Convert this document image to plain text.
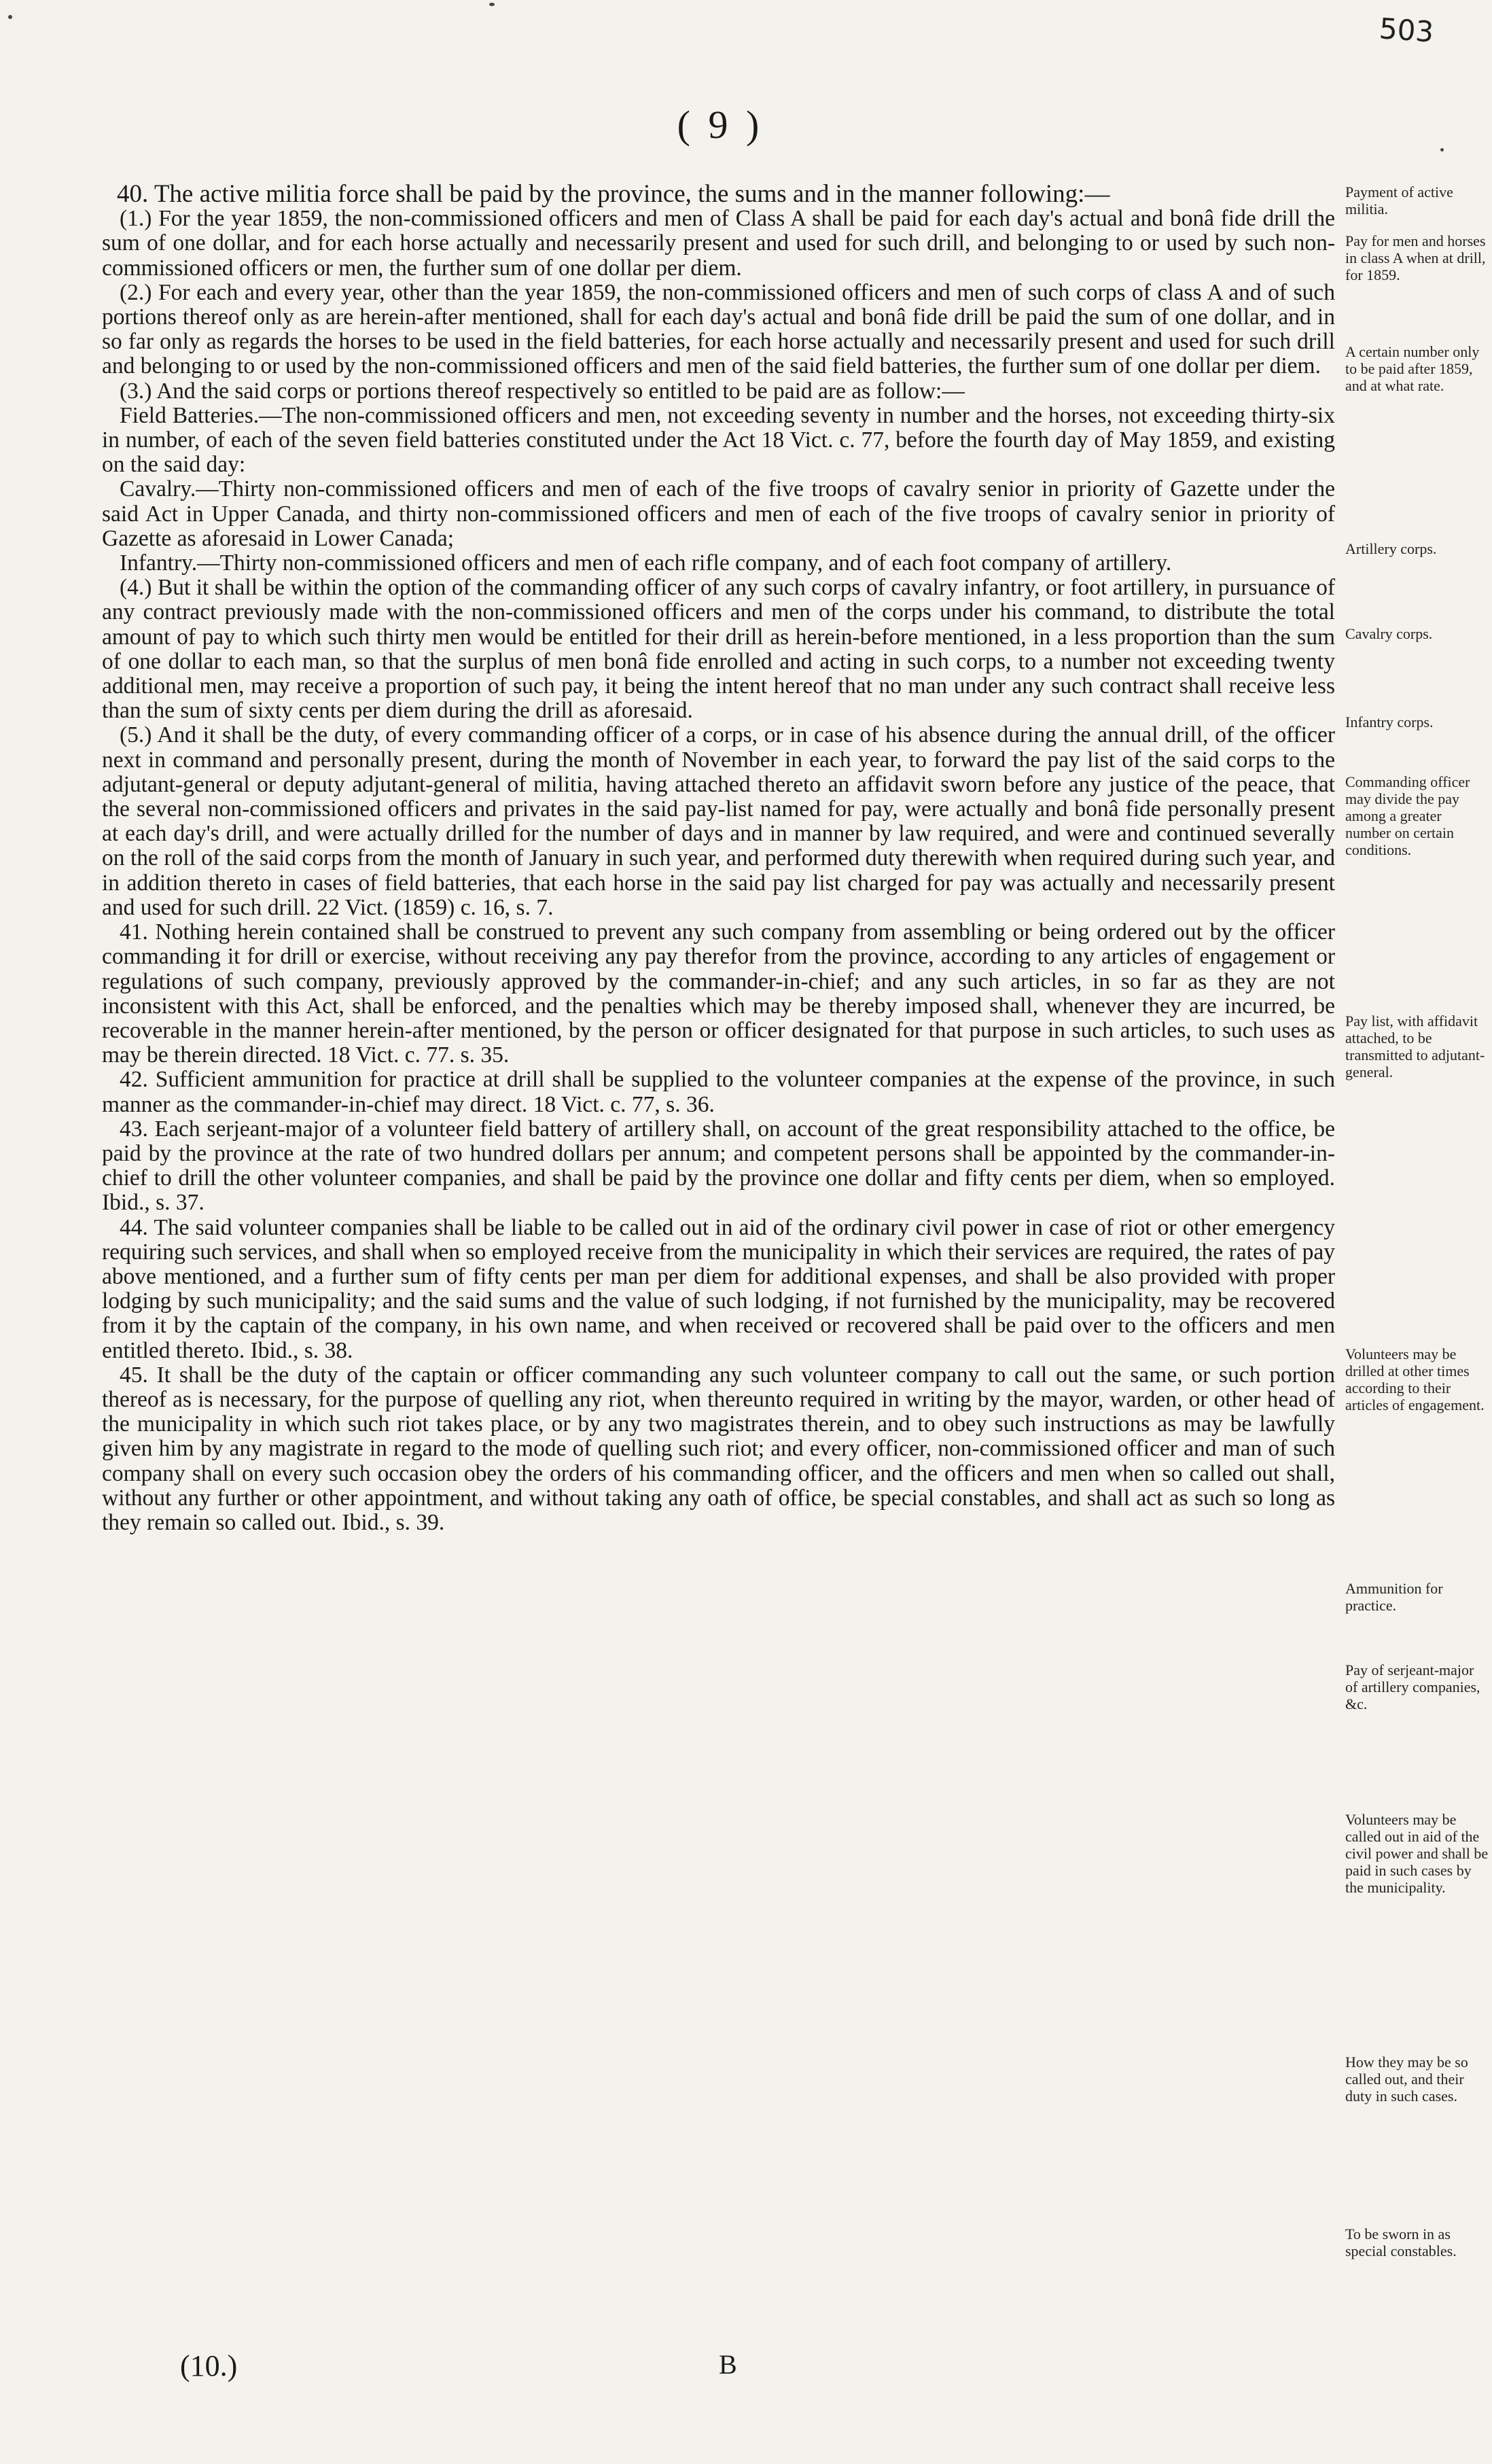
503
( 9 )

40. The active militia force shall be paid by the province, the sums and in the manner following:—

(1.) For the year 1859, the non-commissioned officers and men of Class A shall be paid for each day's actual and bonâ fide drill the sum of one dollar, and for each horse actually and necessarily present and used for such drill, and belonging to or used by such non-commissioned officers or men, the further sum of one dollar per diem.

(2.) For each and every year, other than the year 1859, the non-commissioned officers and men of such corps of class A and of such portions thereof only as are herein-after mentioned, shall for each day's actual and bonâ fide drill be paid the sum of one dollar, and in so far only as regards the horses to be used in the field batteries, for each horse actually and necessarily present and used for such drill and belonging to or used by the non-commissioned officers and men of the said field batteries, the further sum of one dollar per diem.

(3.) And the said corps or portions thereof respectively so entitled to be paid are as follow:—

Field Batteries.—The non-commissioned officers and men, not exceeding seventy in number and the horses, not exceeding thirty-six in number, of each of the seven field batteries constituted under the Act 18 Vict. c. 77, before the fourth day of May 1859, and existing on the said day:

Cavalry.—Thirty non-commissioned officers and men of each of the five troops of cavalry senior in priority of Gazette under the said Act in Upper Canada, and thirty non-commissioned officers and men of each of the five troops of cavalry senior in priority of Gazette as aforesaid in Lower Canada;

Infantry.—Thirty non-commissioned officers and men of each rifle company, and of each foot company of artillery.

(4.) But it shall be within the option of the commanding officer of any such corps of cavalry infantry, or foot artillery, in pursuance of any contract previously made with the non-commissioned officers and men of the corps under his command, to distribute the total amount of pay to which such thirty men would be entitled for their drill as herein-before mentioned, in a less proportion than the sum of one dollar to each man, so that the surplus of men bonâ fide enrolled and acting in such corps, to a number not exceeding twenty additional men, may receive a proportion of such pay, it being the intent hereof that no man under any such contract shall receive less than the sum of sixty cents per diem during the drill as aforesaid.

(5.) And it shall be the duty, of every commanding officer of a corps, or in case of his absence during the annual drill, of the officer next in command and personally present, during the month of November in each year, to forward the pay list of the said corps to the adjutant-general or deputy adjutant-general of militia, having attached thereto an affidavit sworn before any justice of the peace, that the several non-commissioned officers and privates in the said pay-list named for pay, were actually and bonâ fide personally present at each day's drill, and were actually drilled for the number of days and in manner by law required, and were and continued severally on the roll of the said corps from the month of January in such year, and performed duty therewith when required during such year, and in addition thereto in cases of field batteries, that each horse in the said pay list charged for pay was actually and necessarily present and used for such drill. 22 Vict. (1859) c. 16, s. 7.

41. Nothing herein contained shall be construed to prevent any such company from assembling or being ordered out by the officer commanding it for drill or exercise, without receiving any pay therefor from the province, according to any articles of engagement or regulations of such company, previously approved by the commander-in-chief; and any such articles, in so far as they are not inconsistent with this Act, shall be enforced, and the penalties which may be thereby imposed shall, whenever they are incurred, be recoverable in the manner herein-after mentioned, by the person or officer designated for that purpose in such articles, to such uses as may be therein directed. 18 Vict. c. 77. s. 35.

42. Sufficient ammunition for practice at drill shall be supplied to the volunteer companies at the expense of the province, in such manner as the commander-in-chief may direct. 18 Vict. c. 77, s. 36.

43. Each serjeant-major of a volunteer field battery of artillery shall, on account of the great responsibility attached to the office, be paid by the province at the rate of two hundred dollars per annum; and competent persons shall be appointed by the commander-in-chief to drill the other volunteer companies, and shall be paid by the province one dollar and fifty cents per diem, when so employed. Ibid., s. 37.

44. The said volunteer companies shall be liable to be called out in aid of the ordinary civil power in case of riot or other emergency requiring such services, and shall when so employed receive from the municipality in which their services are required, the rates of pay above mentioned, and a further sum of fifty cents per man per diem for additional expenses, and shall be also provided with proper lodging by such municipality; and the said sums and the value of such lodging, if not furnished by the municipality, may be recovered from it by the captain of the company, in his own name, and when received or recovered shall be paid over to the officers and men entitled thereto. Ibid., s. 38.

45. It shall be the duty of the captain or officer commanding any such volunteer company to call out the same, or such portion thereof as is necessary, for the purpose of quelling any riot, when thereunto required in writing by the mayor, warden, or other head of the municipality in which such riot takes place, or by any two magistrates therein, and to obey such instructions as may be lawfully given him by any magistrate in regard to the mode of quelling such riot; and every officer, non-commissioned officer and man of such company shall on every such occasion obey the orders of his commanding officer, and the officers and men when so called out shall, without any further or other appointment, and without taking any oath of office, be special constables, and shall act as such so long as they remain so called out. Ibid., s. 39.

Payment of active militia.
Pay for men and horses in class A when at drill, for 1859.
A certain number only to be paid after 1859, and at what rate.
Artillery corps.
Cavalry corps.
Infantry corps.
Commanding officer may divide the pay among a greater number on certain conditions.
Pay list, with affidavit attached, to be transmitted to adjutant-general.
Volunteers may be drilled at other times according to their articles of engagement.
Ammunition for practice.
Pay of serjeant-major of artillery companies, &c.
Volunteers may be called out in aid of the civil power and shall be paid in such cases by the municipality.
How they may be so called out, and their duty in such cases.
To be sworn in as special constables.
(10.)	B
